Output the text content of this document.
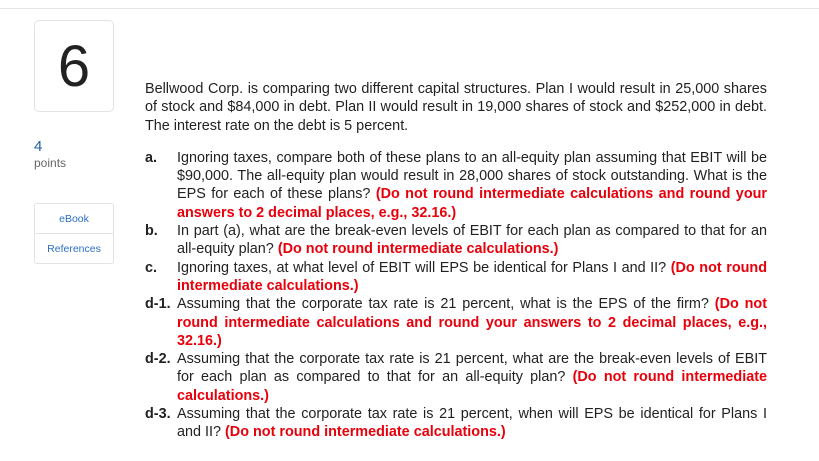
6
4
points
eBook
References

Bellwood Corp. is comparing two different capital structures. Plan I would result in 25,000 shares of stock and $84,000 in debt. Plan II would result in 19,000 shares of stock and $252,000 in debt. The interest rate on the debt is 5 percent.

a.	Ignoring taxes, compare both of these plans to an all-equity plan assuming that EBIT will be $90,000. The all-equity plan would result in 28,000 shares of stock outstanding. What is the EPS for each of these plans? (Do not round intermediate calculations and round your answers to 2 decimal places, e.g., 32.16.)
b.	In part (a), what are the break-even levels of EBIT for each plan as compared to that for an all-equity plan? (Do not round intermediate calculations.)
c.	Ignoring taxes, at what level of EBIT will EPS be identical for Plans I and II? (Do not round intermediate calculations.)
d-1. Assuming that the corporate tax rate is 21 percent, what is the EPS of the firm? (Do not round intermediate calculations and round your answers to 2 decimal places, e.g., 32.16.)
d-2. Assuming that the corporate tax rate is 21 percent, what are the break-even levels of EBIT for each plan as compared to that for an all-equity plan? (Do not round intermediate calculations.)
d-3. Assuming that the corporate tax rate is 21 percent, when will EPS be identical for Plans I and II? (Do not round intermediate calculations.)
